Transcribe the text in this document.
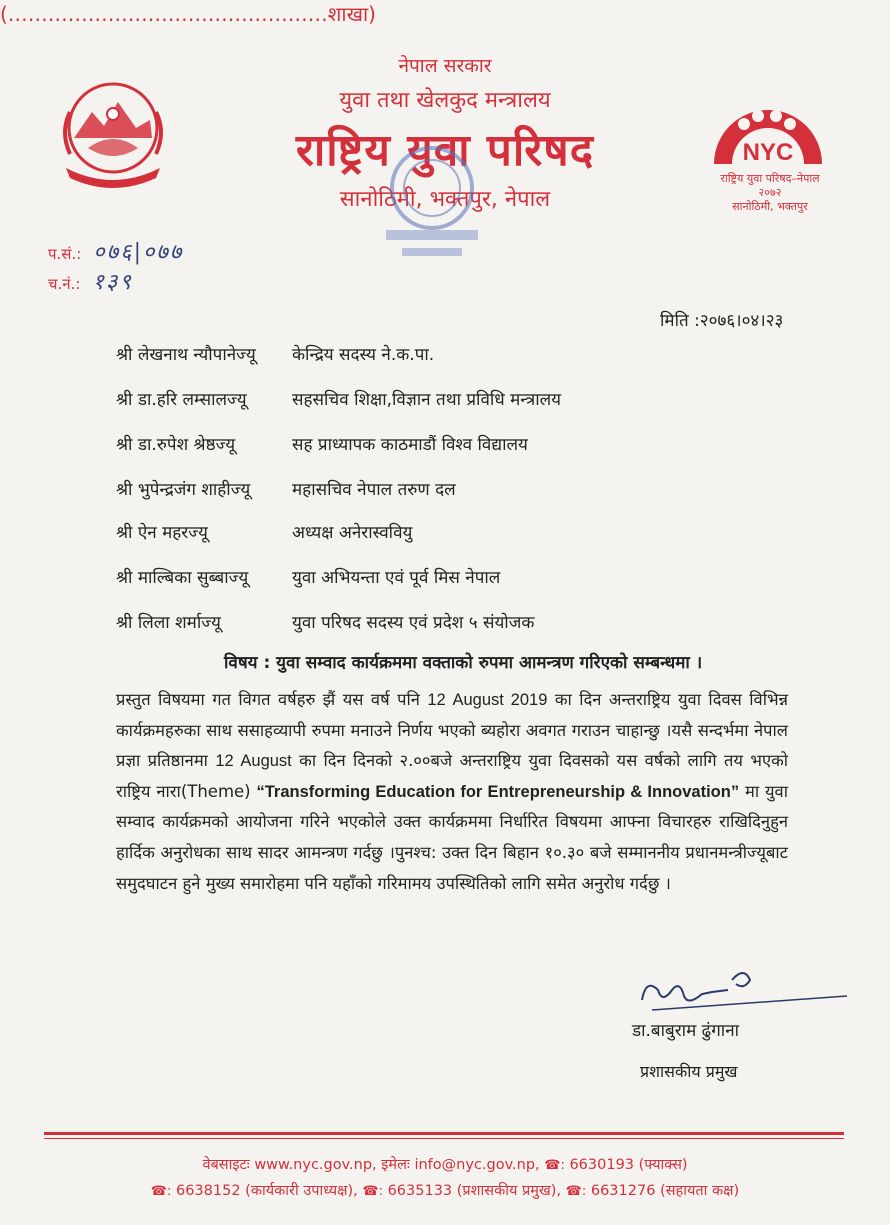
नेपाल सरकार
युवा तथा खेलकुद मन्त्रालय
राष्ट्रिय युवा परिषद
सानोठिमी, भक्तपुर, नेपाल
(…………………………………………शाखा)
NYC
राष्ट्रिय युवा परिषद–नेपाल
२०७२
सानोठिमी, भक्तपुर
प.सं.: ०७६|०७७
च.नं.: १३९
मिति :२०७६।०४।२३
श्री लेखनाथ न्यौपानेज्यू	केन्द्रिय सदस्य ने.क.पा.
श्री डा.हरि लम्सालज्यू	सहसचिव शिक्षा,विज्ञान तथा प्रविधि मन्त्रालय
श्री डा.रुपेश श्रेष्ठज्यू	सह प्राध्यापक काठमाडौं विश्व विद्यालय
श्री भुपेन्द्रजंग शाहीज्यू	महासचिव नेपाल तरुण दल
श्री ऐन महरज्यू	अध्यक्ष अनेरास्ववियु
श्री माल्बिका सुब्बाज्यू	युवा अभियन्ता एवं पूर्व मिस नेपाल
श्री लिला शर्माज्यू	युवा परिषद सदस्य एवं प्रदेश ५ संयोजक
विषय : युवा सम्वाद कार्यक्रममा वक्ताको रुपमा आमन्त्रण गरिएको सम्बन्धमा ।
प्रस्तुत विषयमा गत विगत वर्षहरु झैं यस वर्ष पनि 12 August 2019 का दिन अन्तराष्ट्रिय युवा दिवस विभिन्न कार्यक्रमहरुका साथ ससाहव्यापी रुपमा मनाउने निर्णय भएको ब्यहोरा अवगत गराउन चाहान्छु ।यसै सन्दर्भमा नेपाल प्रज्ञा प्रतिष्ठानमा 12 August का दिन दिनको २.००बजे अन्तराष्ट्रिय युवा दिवसको यस वर्षको लागि तय भएको राष्ट्रिय नारा(Theme) “Transforming Education for Entrepreneurship & Innovation” मा युवा सम्वाद कार्यक्रमको आयोजना गरिने भएकोले उक्त कार्यक्रममा निर्धारित विषयमा आफ्ना विचारहरु राखिदिनुहुन हार्दिक अनुरोधका साथ सादर आमन्त्रण गर्दछु ।पुनश्च: उक्त दिन बिहान १०.३० बजे सम्माननीय प्रधानमन्त्रीज्यूबाट समुदघाटन हुने मुख्य समारोहमा पनि यहाँको गरिमामय उपस्थितिको लागि समेत अनुरोध गर्दछु ।
डा.बाबुराम ढुंगाना
प्रशासकीय प्रमुख
वेबसाइटः www.nyc.gov.np, इमेलः info@nyc.gov.np, ☎: 6630193 (फ्याक्स)
☎: 6638152 (कार्यकारी उपाध्यक्ष), ☎: 6635133 (प्रशासकीय प्रमुख), ☎: 6631276 (सहायता कक्ष)
